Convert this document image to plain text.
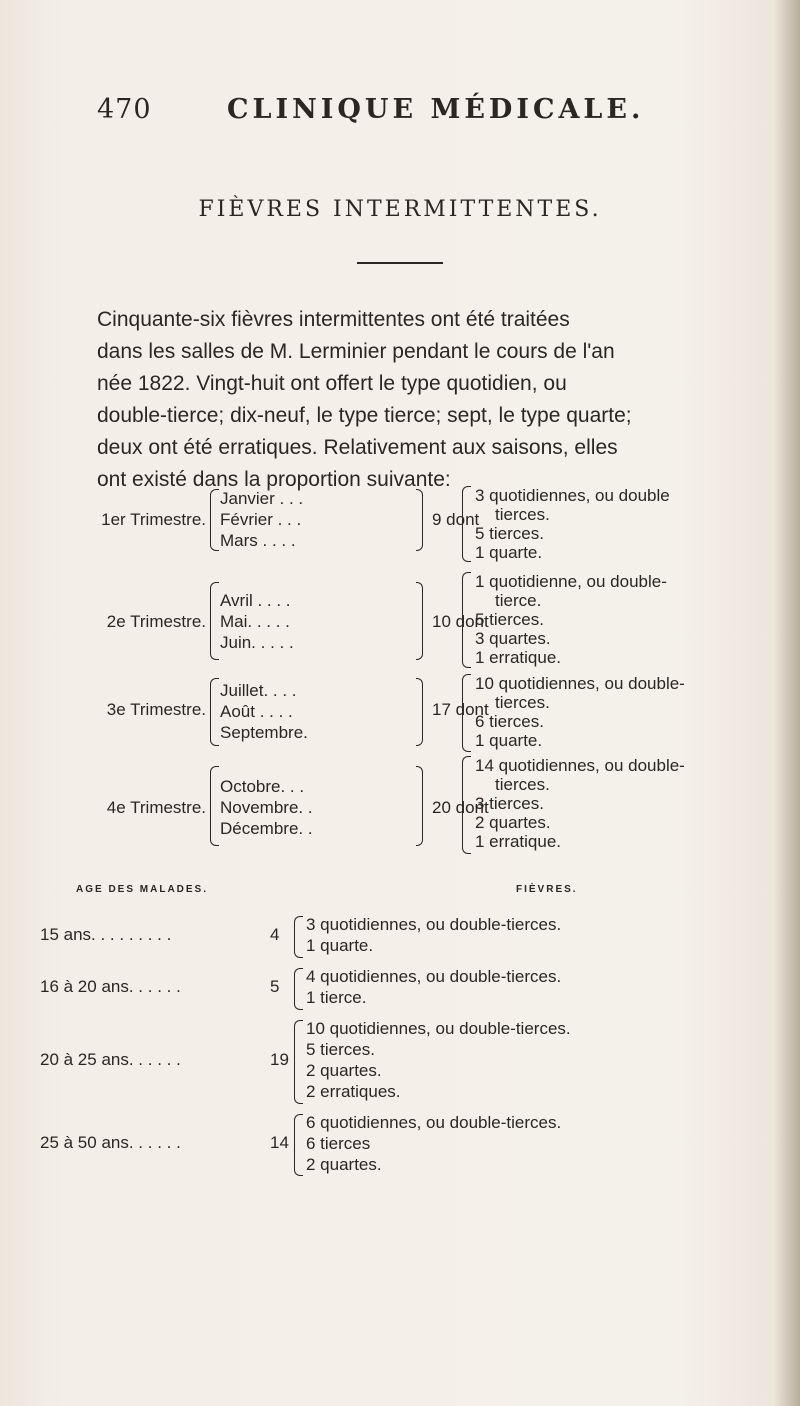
470	CLINIQUE MÉDICALE.
FIÈVRES INTERMITTENTES.
Cinquante-six fièvres intermittentes ont été traitées
dans les salles de M. Lerminier pendant le cours de l'an
née 1822. Vingt-huit ont offert le type quotidien, ou
double-tierce; dix-neuf, le type tierce; sept, le type quarte;
deux ont été erratiques. Relativement aux saisons, elles
ont existé dans la proportion suivante:
1er Trimestre.
Janvier . . .
Février . . .
Mars . . . .
9 dont
3 quotidiennes, ou double
tierces.
5 tierces.
1 quarte.
2e Trimestre.
Avril . . . .
Mai. . . . .
Juin. . . . .
10 dont
1 quotidienne, ou double-
tierce.
5 tierces.
3 quartes.
1 erratique.
3e Trimestre.
Juillet. . . .
Août . . . .
Septembre.
17 dont
10 quotidiennes, ou double-
tierces.
6 tierces.
1 quarte.
4e Trimestre.
Octobre. . .
Novembre. .
Décembre. .
20 dont
14 quotidiennes, ou double-
tierces.
3 tierces.
2 quartes.
1 erratique.
AGE DES MALADES.	FIÈVRES.
15 ans. . . . . . . . .	4
3 quotidiennes, ou double-tierces.
1 quarte.
16 à 20 ans. . . . . .	5
4 quotidiennes, ou double-tierces.
1 tierce.
20 à 25 ans. . . . . .	19
10 quotidiennes, ou double-tierces.
5 tierces.
2 quartes.
2 erratiques.
25 à 50 ans. . . . . .	14
6 quotidiennes, ou double-tierces.
6 tierces
2 quartes.
